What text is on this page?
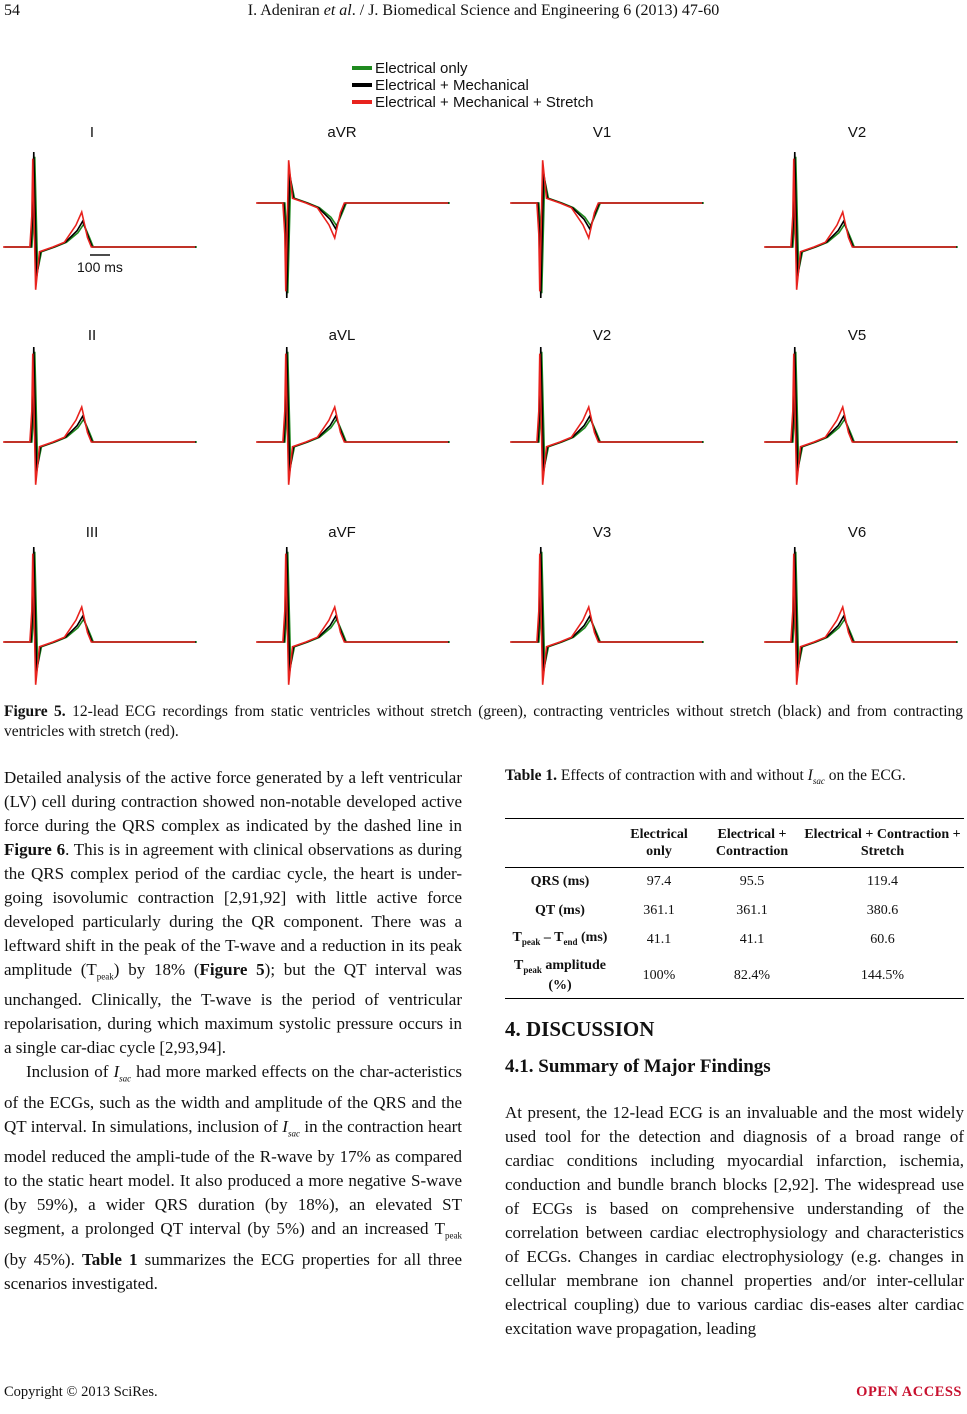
54	I. Adeniran et al. / J. Biomedical Science and Engineering 6 (2013) 47-60
Electrical only
Electrical + Mechanical
Electrical + Mechanical + Stretch
I	aVR	V1	V2
II	aVL	V2	V5
III	aVF	V3	V6
100 ms
Figure 5. 12-lead ECG recordings from static ventricles without stretch (green), contracting ventricles without stretch (black) and from contracting ventricles with stretch (red).

Detailed analysis of the active force generated by a left ventricular (LV) cell during contraction showed non-notable developed active force during the QRS complex as indicated by the dashed line in Figure 6. This is in agreement with clinical observations as during the QRS complex period of the cardiac cycle, the heart is under-going isovolumic contraction [2,91,92] with little active force developed particularly during the QR component. There was a leftward shift in the peak of the T-wave and a reduction in its peak amplitude $(T_{peak})$ by 18% (Figure 5); but the QT interval was unchanged. Clinically, the T-wave is the period of ventricular repolarisation, during which maximum systolic pressure occurs in a single car-diac cycle [2,93,94].

Inclusion of $I_{sac}$ had more marked effects on the char-acteristics of the ECGs, such as the width and amplitude of the QRS and the QT interval. In simulations, inclusion of $I_{sac}$ in the contraction heart model reduced the ampli-tude of the R-wave by 17% as compared to the static heart model. It also produced a more negative S-wave (by 59%), a wider QRS duration (by 18%), an elevated ST segment, a prolonged QT interval (by 5%) and an increased $T_{peak}$ (by 45%). Table 1 summarizes the ECG properties for all three scenarios investigated.

Table 1. Effects of contraction with and without $I_{sac}$ on the ECG.
	Electrical only	Electrical + Contraction	Electrical + Contraction + Stretch
QRS (ms)	97.4	95.5	119.4
QT (ms)	361.1	361.1	380.6
$T_{peak} - T_{end}$ (ms)	41.1	41.1	60.6
$T_{peak}$ amplitude (%)	100%	82.4%	144.5%
4. DISCUSSION
4.1. Summary of Major Findings

At present, the 12-lead ECG is an invaluable and the most widely used tool for the detection and diagnosis of a broad range of cardiac conditions including myocardial infarction, ischemia, conduction and bundle branch blocks [2,92]. The widespread use of ECGs is based on comprehensive understanding of the correlation between cardiac electrophysiology and characteristics of ECGs. Changes in cardiac electrophysiology (e.g. changes in cellular membrane ion channel properties and/or inter-cellular electrical coupling) due to various cardiac dis-eases alter cardiac excitation wave propagation, leading

Copyright © 2013 SciRes.	OPEN ACCESS
